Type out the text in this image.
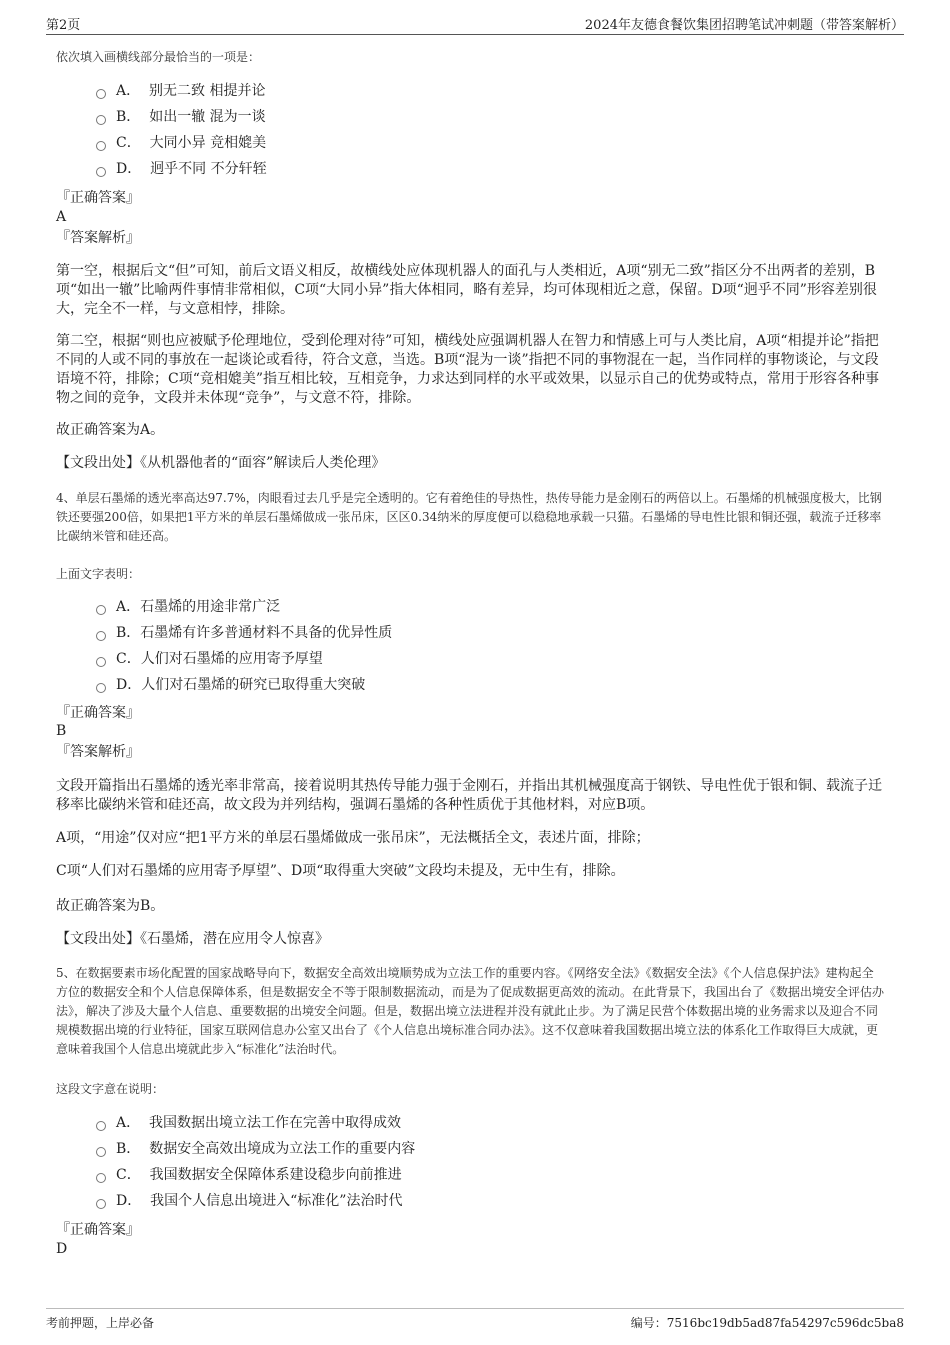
第2页	2024年友德食餐饮集团招聘笔试冲刺题（带答案解析）
依次填入画横线部分最恰当的一项是：
A．
别无二致 相提并论
B．
如出一辙 混为一谈
C．
大同小异 竞相媲美
D．
迥乎不同 不分轩轾
『正确答案』
A
『答案解析』
第一空，根据后文“但”可知，前后文语义相反，故横线处应体现机器人的面孔与人类相近，A项“别无二致”指区分不出两者的差别，B项“如出一辙”比喻两件事情非常相似，C项“大同小异”指大体相同，略有差异，均可体现相近之意，保留。D项“迥乎不同”形容差别很大，完全不一样，与文意相悖，排除。
第二空，根据“则也应被赋予伦理地位，受到伦理对待”可知，横线处应强调机器人在智力和情感上可与人类比肩，A项“相提并论”指把不同的人或不同的事放在一起谈论或看待，符合文意，当选。B项“混为一谈”指把不同的事物混在一起，当作同样的事物谈论，与文段语境不符，排除；C项“竞相媲美”指互相比较，互相竞争，力求达到同样的水平或效果，以显示自己的优势或特点，常用于形容各种事物之间的竞争，文段并未体现“竞争”，与文意不符，排除。
故正确答案为A。
【文段出处】《从机器他者的“面容”解读后人类伦理》
4、单层石墨烯的透光率高达97.7%，肉眼看过去几乎是完全透明的。它有着绝佳的导热性，热传导能力是金刚石的两倍以上。石墨烯的机械强度极大，比钢铁还要强200倍，如果把1平方米的单层石墨烯做成一张吊床，区区0.34纳米的厚度便可以稳稳地承载一只猫。石墨烯的导电性比银和铜还强，载流子迁移率比碳纳米管和硅还高。
上面文字表明：
A． 石墨烯的用途非常广泛
B． 石墨烯有许多普通材料不具备的优异性质
C． 人们对石墨烯的应用寄予厚望
D． 人们对石墨烯的研究已取得重大突破
『正确答案』
B
『答案解析』
文段开篇指出石墨烯的透光率非常高，接着说明其热传导能力强于金刚石，并指出其机械强度高于钢铁、导电性优于银和铜、载流子迁移率比碳纳米管和硅还高，故文段为并列结构，强调石墨烯的各种性质优于其他材料，对应B项。
A项，“用途”仅对应“把1平方米的单层石墨烯做成一张吊床”，无法概括全文，表述片面，排除；
C项“人们对石墨烯的应用寄予厚望”、D项“取得重大突破”文段均未提及，无中生有，排除。
故正确答案为B。
【文段出处】《石墨烯，潜在应用令人惊喜》
5、在数据要素市场化配置的国家战略导向下，数据安全高效出境顺势成为立法工作的重要内容。《网络安全法》《数据安全法》《个人信息保护法》建构起全方位的数据安全和个人信息保障体系，但是数据安全不等于限制数据流动，而是为了促成数据更高效的流动。在此背景下，我国出台了《数据出境安全评估办法》，解决了涉及大量个人信息、重要数据的出境安全问题。但是，数据出境立法进程并没有就此止步。为了满足民营个体数据出境的业务需求以及迎合不同规模数据出境的行业特征，国家互联网信息办公室又出台了《个人信息出境标准合同办法》。这不仅意味着我国数据出境立法的体系化工作取得巨大成就，更意味着我国个人信息出境就此步入“标准化”法治时代。
这段文字意在说明：
A．
我国数据出境立法工作在完善中取得成效
B．
数据安全高效出境成为立法工作的重要内容
C．
我国数据安全保障体系建设稳步向前推进
D．
我国个人信息出境进入“标准化”法治时代
『正确答案』
D
考前押题，上岸必备	编号：7516bc19db5ad87fa54297c596dc5ba8
